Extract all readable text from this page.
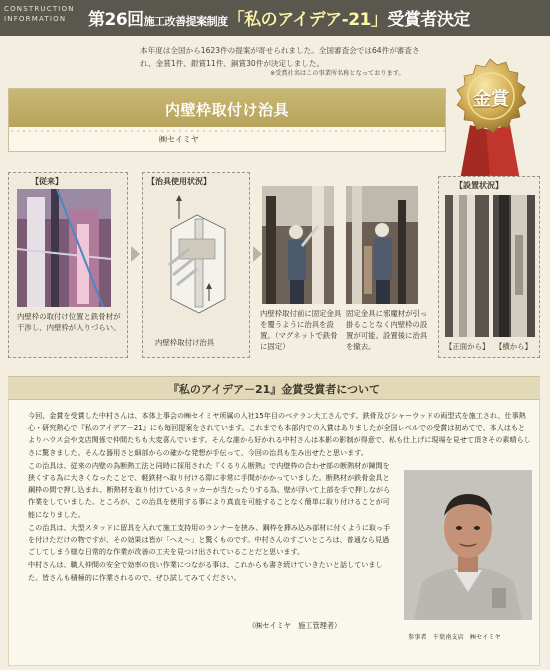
CONSTRUCTION
INFORMATION	第26回施工改善提案制度「私のアイデア-21」受賞者決定
本年度は全国から1623件の提案が寄せられました。全国審査会では64件が審査され、金賞1件、銀賞11件、銅賞30件が決定しました。
※受賞社名はこの事業所名称となっております。
金賞
内壁枠取付け治具
㈱セイミヤ
【従来】
内壁枠の取付け位置と鉄骨材が干渉し、内壁枠が入りづらい。
【治具使用状況】
内壁枠取付け治具
内壁枠取付前に固定金具を覆うように治具を設置。（マグネットで鉄骨に固定）
固定金具に邪魔材が引っ掛ることなく内壁枠の設置が可能。設置後に治具を撤去。
【設置状況】
【正面から】 【横から】
『私のアイデア－21』金賞受賞者について

今回、金賞を受賞した中村さんは、本体上事会の㈱セイミヤ所属の入社15年目のベテラン大工さんです。鉄骨及びシャーウッドの両型式を施工され、仕事熱心・研究熱心で『私のアイデア－21』にも毎回提案をされています。これまでも本部内での入賞はありましたが全国レベルでの受賞は初めてで、本人はもとよりハウス会や支店関係で仲間たちも大変喜んでいます。そんな誰から好かれる中村さんは本影の影制が得意で、私も仕上げに現場を見せて頂きその素晴らしさに驚きました。そんな器用さと細部からの確かな発想が手伝って、今回の治具も生み出せたと思います。

この治具は、従来の内壁の為断熱工法と同時に採用された『くるりん断熱』で内壁枠の合わせ部の断熱材が陳間を狭くする為に大きくなったことで、軽鉄材へ取り付ける際に非常に手間がかかっていました。断熱材が鉄骨金具と鋼枠の間で押し込まれ、断熱材を取り付けているタッカーが当たったりする為、壁が浮いて上部を手で押しながら作業をしていました。ところが、この治具を使用する事により真直を可能することなく簡単に取り付けることが可能になりました。

この治具は、大型スタッドに留具を入れて施工支持用のランナーを挟み、鋼枠を挿み込み部材に付くように取っ手を付けただけの物ですが、その効果は皆が「へえ～」と驚くものです。中村さんのすごいところは、普通なら見過ごしてしまう様な日常的な作業が改善の工夫を見つけ出されていることだと思います。

中村さんは、職人仲間の安全で効率の良い作業につながる事は、これからも書き続けていきたいと話していました。皆さんも積極的に作業されるので、ぜひ試してみてください。

（㈱セイミヤ　施工管理者）
参事者　千葉南支店　㈱セイミヤ
